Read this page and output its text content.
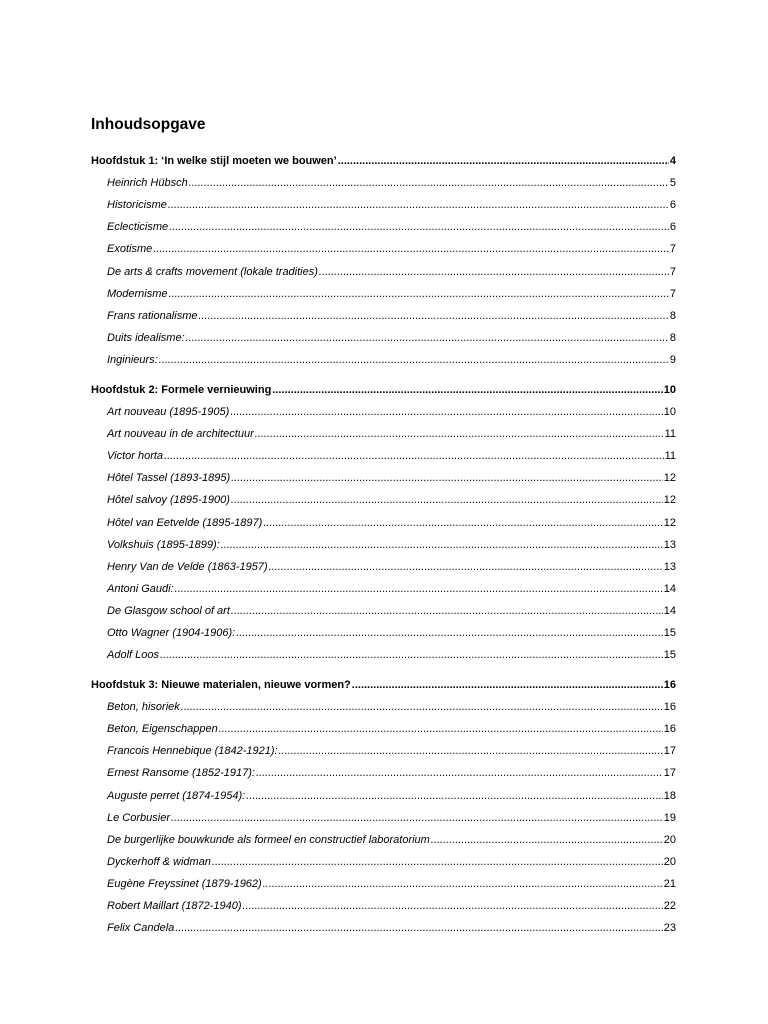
Inhoudsopgave
Hoofdstuk 1: ‘In welke stijl moeten we bouwen’ .....	4
Heinrich Hübsch .....	5
Historicisme .....	6
Eclecticisme .....	6
Exotisme .....	7
De arts & crafts movement (lokale tradities) .....	7
Modernisme .....	7
Frans rationalisme .....	8
Duits idealisme: .....	8
Inginieurs: .....	9
Hoofdstuk 2: Formele vernieuwing .....	10
Art nouveau (1895-1905) .....	10
Art nouveau in de architectuur .....	11
Victor horta .....	11
Hôtel Tassel (1893-1895) .....	12
Hôtel salvoy (1895-1900) .....	12
Hôtel van Eetvelde (1895-1897) .....	12
Volkshuis (1895-1899): .....	13
Henry Van de Velde (1863-1957) .....	13
Antoni Gaudi: .....	14
De Glasgow school of art .....	14
Otto Wagner (1904-1906): .....	15
Adolf Loos .....	15
Hoofdstuk 3: Nieuwe materialen, nieuwe vormen? .....	16
Beton, hisoriek .....	16
Beton, Eigenschappen .....	16
Francois Hennebique (1842-1921): .....	17
Ernest Ransome (1852-1917): .....	17
Auguste perret (1874-1954): .....	18
Le Corbusier .....	19
De burgerlijke bouwkunde als formeel en constructief laboratorium .....	20
Dyckerhoff & widman .....	20
Eugène Freyssinet (1879-1962) .....	21
Robert Maillart (1872-1940) .....	22
Felix Candela .....	23
